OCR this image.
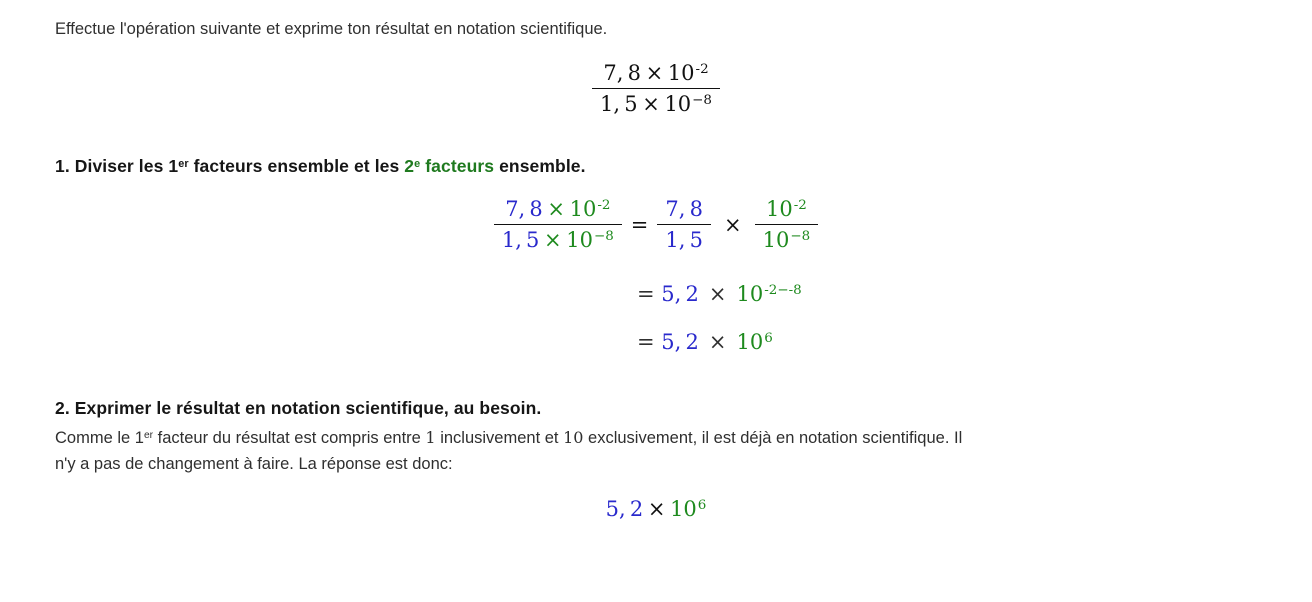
Effectue l'opération suivante et exprime ton résultat en notation scientifique.

$\frac{7, 8 \times 10^{-2}}{1, 5 \times 10^{-8}}$
1. Diviser les 1er facteurs ensemble et les 2e facteurs ensemble.
$\frac{7, 8 \times 10^{-2}}{1, 5 \times 10^{-8}} = \frac{7, 8}{1, 5} \times \frac{10^{-2}}{10^{-8}}$
= 5, $2 \times 10^{-2--8}$
= 5, $2 \times 10^6$
2. Exprimer le résultat en notation scientifique, au besoin.

Comme le 1er facteur du résultat est compris entre 1 inclusivement et 10 exclusivement, il est déjà en notation scientifique. Il
n'y a pas de changement à faire. La réponse est donc:

5, $2 \times 10^6$
